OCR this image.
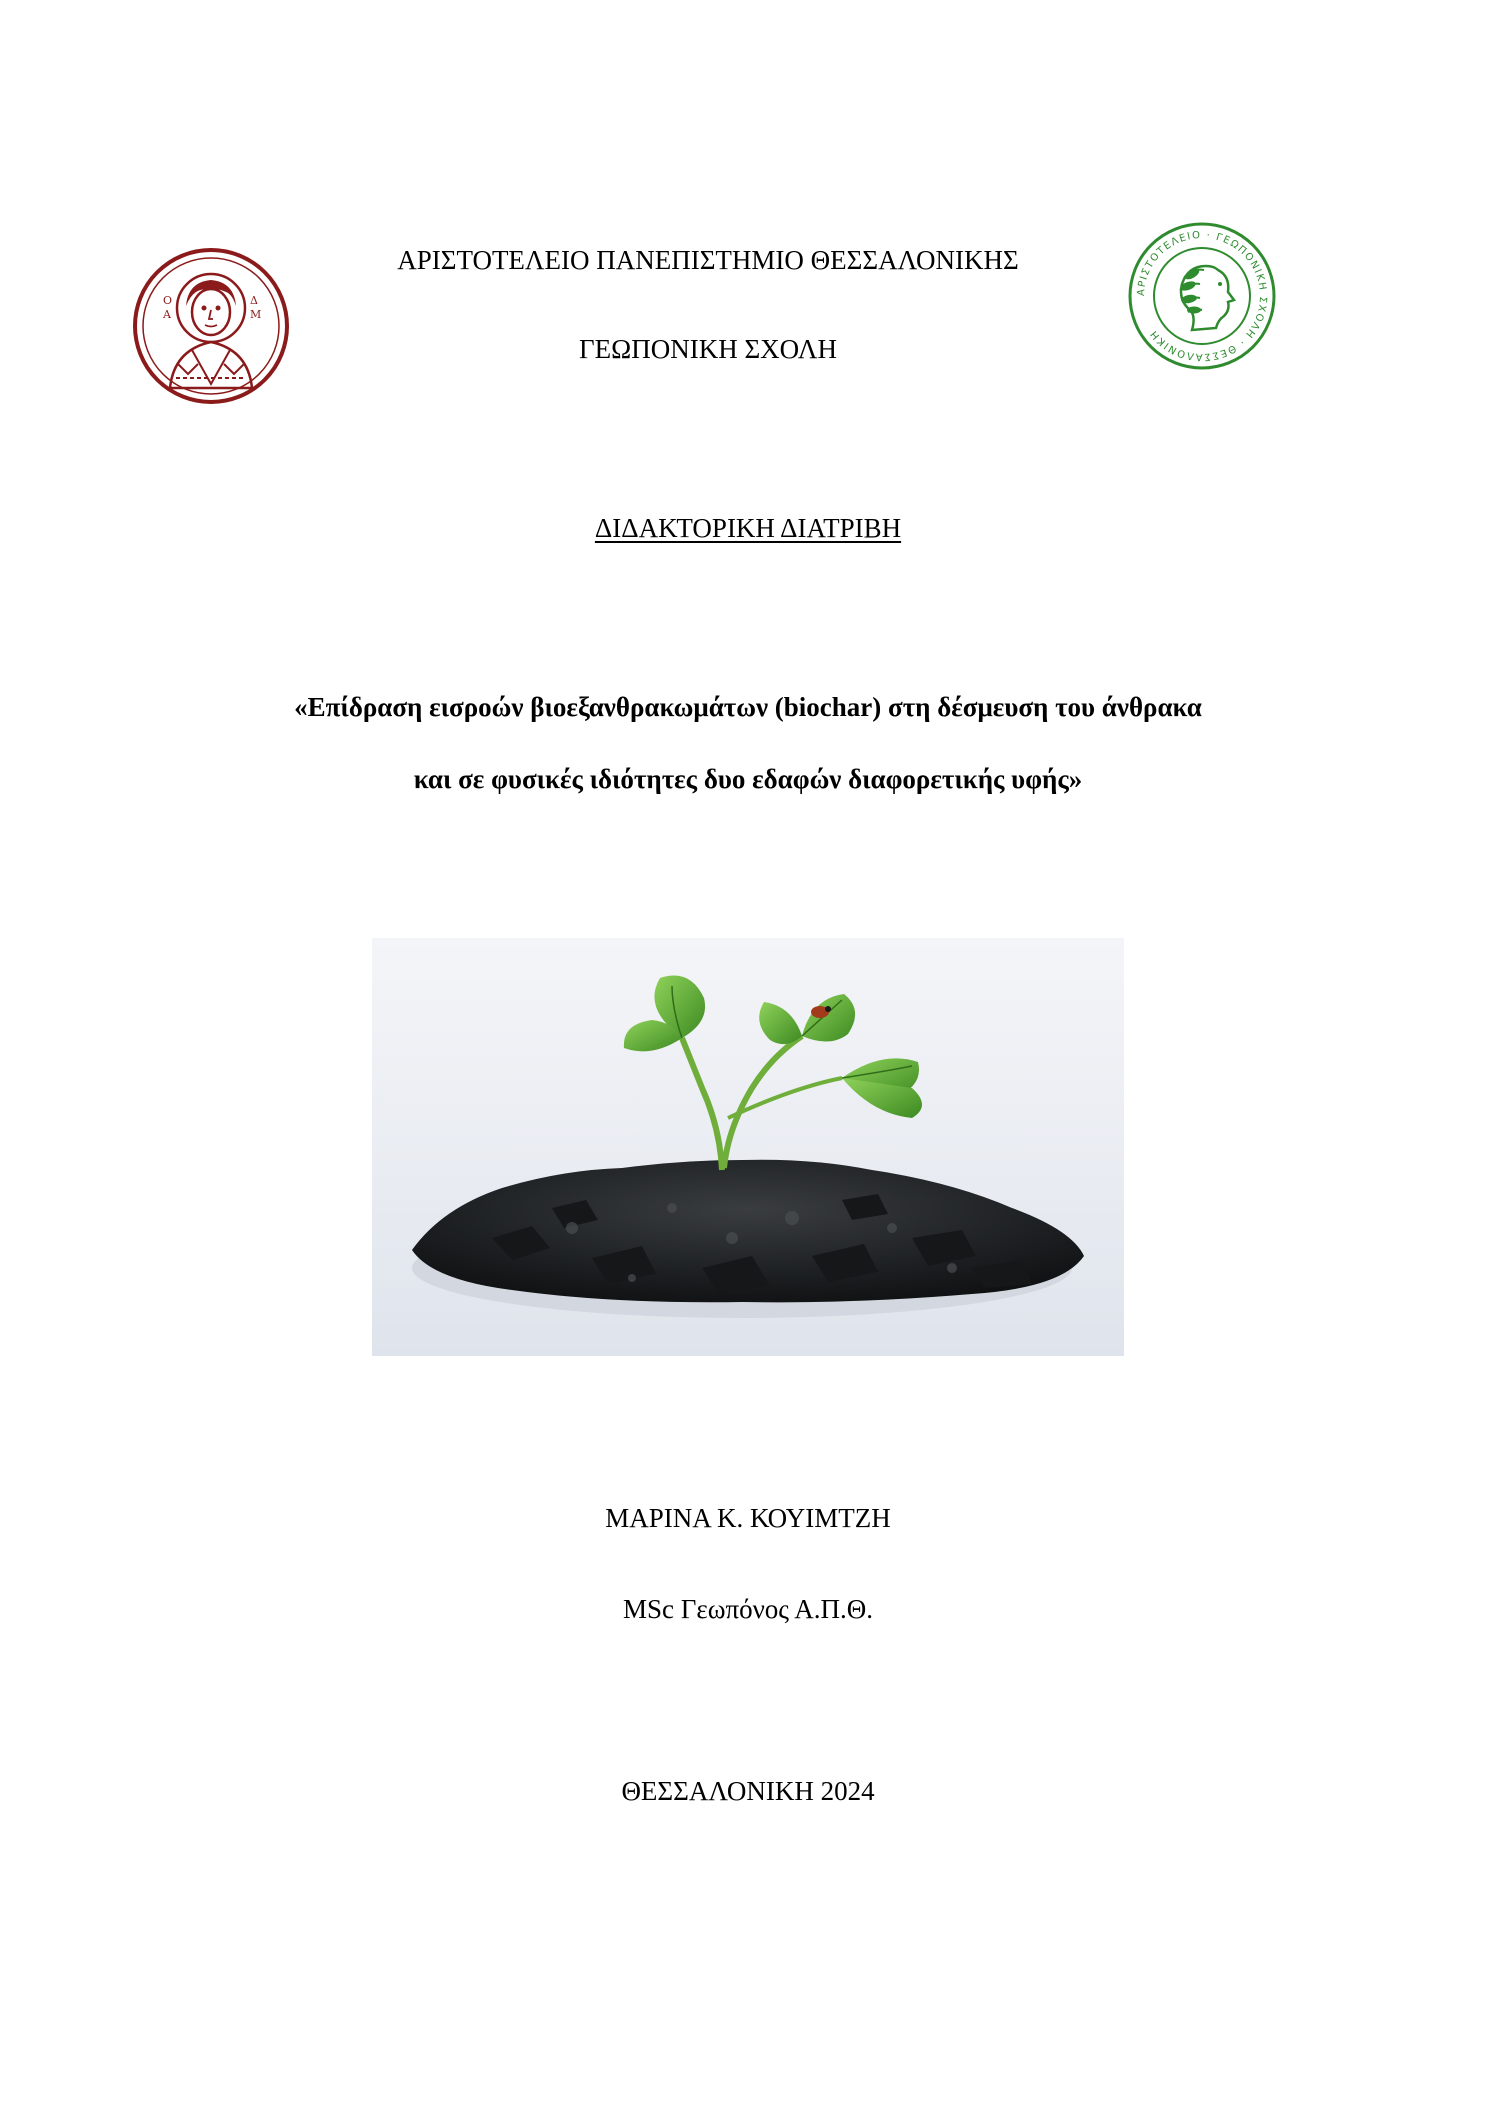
Ο
Α
Δ
Μ
ΑΡΙΣΤΟΤΕΛΕΙΟ · ΓΕΩΠΟΝΙΚΗ ΣΧΟΛΗ · ΘΕΣΣΑΛΟΝΙΚΗ
ΑΡΙΣΤΟΤΕΛΕΙΟ ΠΑΝΕΠΙΣΤΗΜΙΟ ΘΕΣΣΑΛΟΝΙΚΗΣ
ΓΕΩΠΟΝΙΚΗ ΣΧΟΛΗ
ΔΙΔΑΚΤΟΡΙΚΗ ΔΙΑΤΡΙΒΗ
«Επίδραση εισροών βιοεξανθρακωμάτων (biochar) στη δέσμευση του άνθρακα
και σε φυσικές ιδιότητες δυο εδαφών διαφορετικής υφής»
ΜΑΡΙΝΑ Κ. ΚΟΥΙΜΤΖΗ
MSc Γεωπόνος Α.Π.Θ.
ΘΕΣΣΑΛΟΝΙΚΗ 2024
